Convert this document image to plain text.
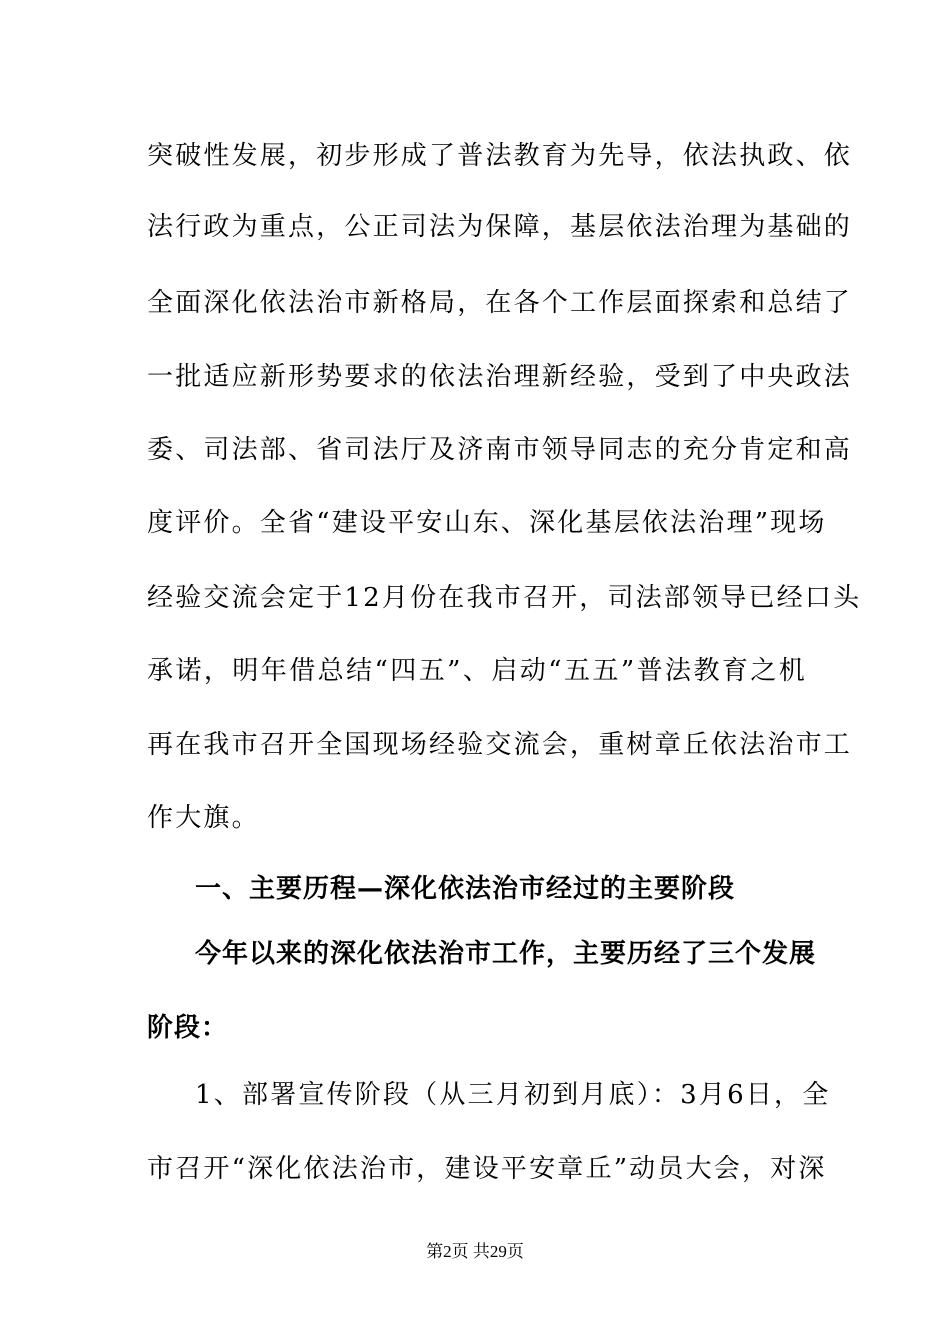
突破性发展，初步形成了普法教育为先导，依法执政、依
法行政为重点，公正司法为保障，基层依法治理为基础的
全面深化依法治市新格局，在各个工作层面探索和总结了
一批适应新形势要求的依法治理新经验，受到了中央政法
委、司法部、省司法厅及济南市领导同志的充分肯定和高
度评价。全省“建设平安山东、深化基层依法治理”现场
经验交流会定于12月份在我市召开，司法部领导已经口头
承诺，明年借总结“四五”、启动“五五”普法教育之机
再在我市召开全国现场经验交流会，重树章丘依法治市工
作大旗。
一、主要历程—深化依法治市经过的主要阶段
今年以来的深化依法治市工作，主要历经了三个发展
阶段：
1、部署宣传阶段（从三月初到月底）：3月6日，全
市召开“深化依法治市，建设平安章丘”动员大会，对深
第2页 共29页
